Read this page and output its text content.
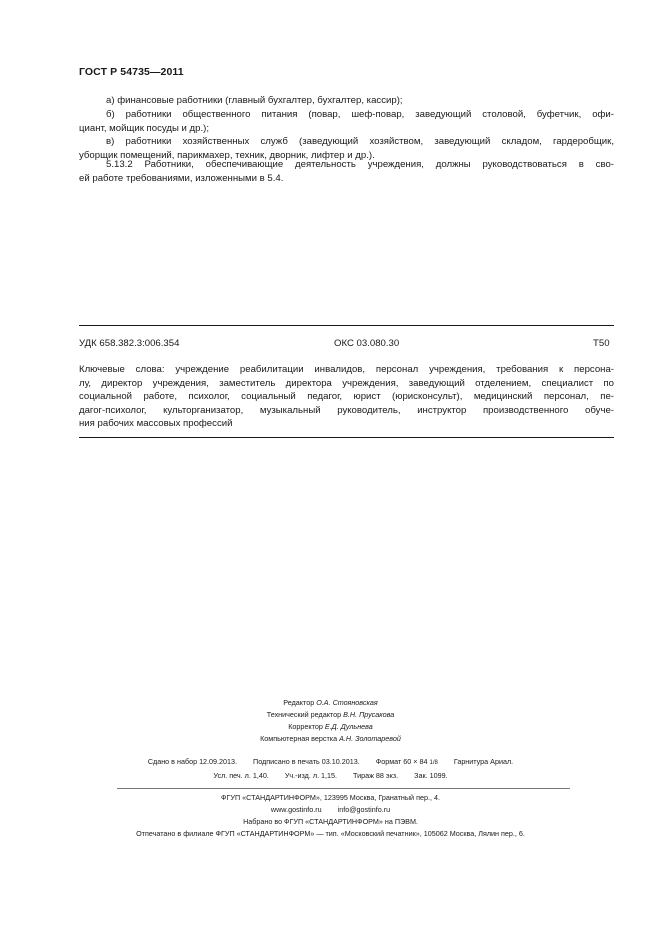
ГОСТ Р 54735—2011
а) финансовые работники (главный бухгалтер, бухгалтер, кассир);
б) работники общественного питания (повар, шеф-повар, заведующий столовой, буфетчик, офи-
циант, мойщик посуды и др.);
в) работники хозяйственных служб (заведующий хозяйством, заведующий складом, гардеробщик,
уборщик помещений, парикмахер, техник, дворник, лифтер и др.).
5.13.2 Работники, обеспечивающие деятельность учреждения, должны руководствоваться в сво-
ей работе требованиями, изложенными в 5.4.
УДК 658.382.3:006.354	ОКС 03.080.30	Т50
Ключевые слова: учреждение реабилитации инвалидов, персонал учреждения, требования к персона-
лу, директор учреждения, заместитель директора учреждения, заведующий отделением, специалист по
социальной работе, психолог, социальный педагог, юрист (юрисконсульт), медицинский персонал, пе-
дагог-психолог, культорганизатор, музыкальный руководитель, инструктор производственного обуче-
ния рабочих массовых профессий
Редактор О.А. Стояновская
Технический редактор В.Н. Прусакова
Корректор Е.Д. Дульнева
Компьютерная верстка А.Н. Золотаревой
Сдано в набор 12.09.2013. Подписано в печать 03.10.2013. Формат 60 × 84 1/8 Гарнитура Ариал.
Усл. печ. л. 1,40. Уч.-изд. л. 1,15. Тираж 88 экз. Зак. 1099.
ФГУП «СТАНДАРТИНФОРМ», 123995 Москва, Гранатный пер., 4.
www.gostinfo.ru info@gostinfo.ru
Набрано во ФГУП «СТАНДАРТИНФОРМ» на ПЭВМ.
Отпечатано в филиале ФГУП «СТАНДАРТИНФОРМ» — тип. «Московский печатник», 105062 Москва, Лялин пер., 6.
